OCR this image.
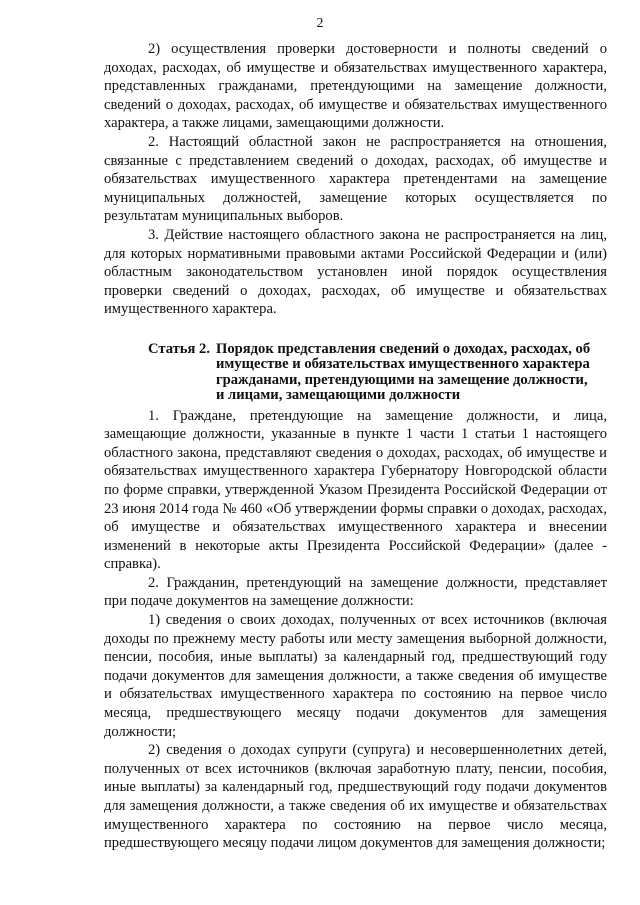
2

2) осуществления проверки достоверности и полноты сведений о доходах, расходах, об имуществе и обязательствах имущественного характера, представленных гражданами, претендующими на замещение должности, сведений о доходах, расходах, об имуществе и обязательствах имущественного характера, а также лицами, замещающими должности.

2. Настоящий областной закон не распространяется на отношения, связанные с представлением сведений о доходах, расходах, об имуществе и обязательствах имущественного характера претендентами на замещение муниципальных должностей, замещение которых осуществляется по результатам муниципальных выборов.

3. Действие настоящего областного закона не распространяется на лиц, для которых нормативными правовыми актами Российской Федерации и (или) областным законодательством установлен иной порядок осуществления проверки сведений о доходах, расходах, об имуществе и обязательствах имущественного характера.

Статья 2. Порядок представления сведений о доходах, расходах, об
имуществе и обязательствах имущественного характера
гражданами, претендующими на замещение должности,
и лицами, замещающими должности

1. Граждане, претендующие на замещение должности, и лица, замещающие должности, указанные в пункте 1 части 1 статьи 1 настоящего областного закона, представляют сведения о доходах, расходах, об имуществе и обязательствах имущественного характера Губернатору Новгородской области по форме справки, утвержденной Указом Президента Российской Федерации от 23 июня 2014 года № 460 «Об утверждении формы справки о доходах, расходах, об имуществе и обязательствах имущественного характера и внесении изменений в некоторые акты Президента Российской Федерации» (далее - справка).

2. Гражданин, претендующий на замещение должности, представляет при подаче документов на замещение должности:

1) сведения о своих доходах, полученных от всех источников (включая доходы по прежнему месту работы или месту замещения выборной должности, пенсии, пособия, иные выплаты) за календарный год, предшествующий году подачи документов для замещения должности, а также сведения об имуществе и обязательствах имущественного характера по состоянию на первое число месяца, предшествующего месяцу подачи документов для замещения должности;

2) сведения о доходах супруги (супруга) и несовершеннолетних детей, полученных от всех источников (включая заработную плату, пенсии, пособия, иные выплаты) за календарный год, предшествующий году подачи документов для замещения должности, а также сведения об их имуществе и обязательствах имущественного характера по состоянию на первое число месяца, предшествующего месяцу подачи лицом документов для замещения должности;
